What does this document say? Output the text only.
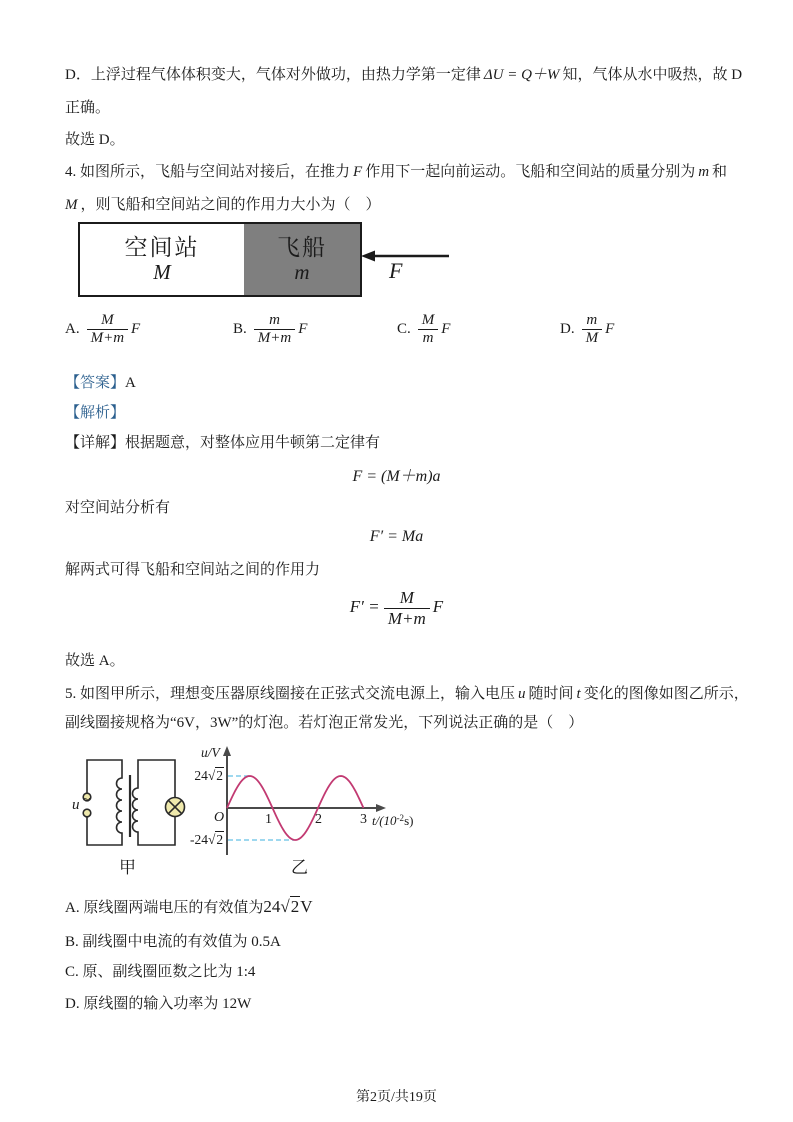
D．上浮过程气体体积变大，气体对外做功，由热力学第一定律 ΔU = Q＋W 知，气体从水中吸热，故 D
正确。
故选 D。
4. 如图所示，飞船与空间站对接后，在推力 F 作用下一起向前运动。飞船和空间站的质量分别为 m 和
M ，则飞船和空间站之间的作用力大小为（　）
空间站
M
飞船
m	F
A. $\frac{M}{M+m}$ F	B. $\frac{m}{M+m}$ F	C. $\frac{M}{m}$ F	D. $\frac{m}{M}$ F
【答案】A
【解析】
【详解】根据题意，对整体应用牛顿第二定律有
F = (M＋m)a
对空间站分析有
F′ = Ma
解两式可得飞船和空间站之间的作用力
$F' = \frac{M}{M+m}$ F
故选 A。
5. 如图甲所示，理想变压器原线圈接在正弦式交流电源上，输入电压 u 随时间 t 变化的图像如图乙所示，
副线圈接规格为“6V，3W”的灯泡。若灯泡正常发光，下列说法正确的是（　）
u ~
甲
u/V
24√2
-24√2
O	1	2	3 $t/(10^{-2}s)$
乙
A. 原线圈两端电压的有效值为24√2V
B. 副线圈中电流的有效值为 0.5A
C. 原、副线圈匝数之比为 1:4
D. 原线圈的输入功率为 12W
第2页/共19页
